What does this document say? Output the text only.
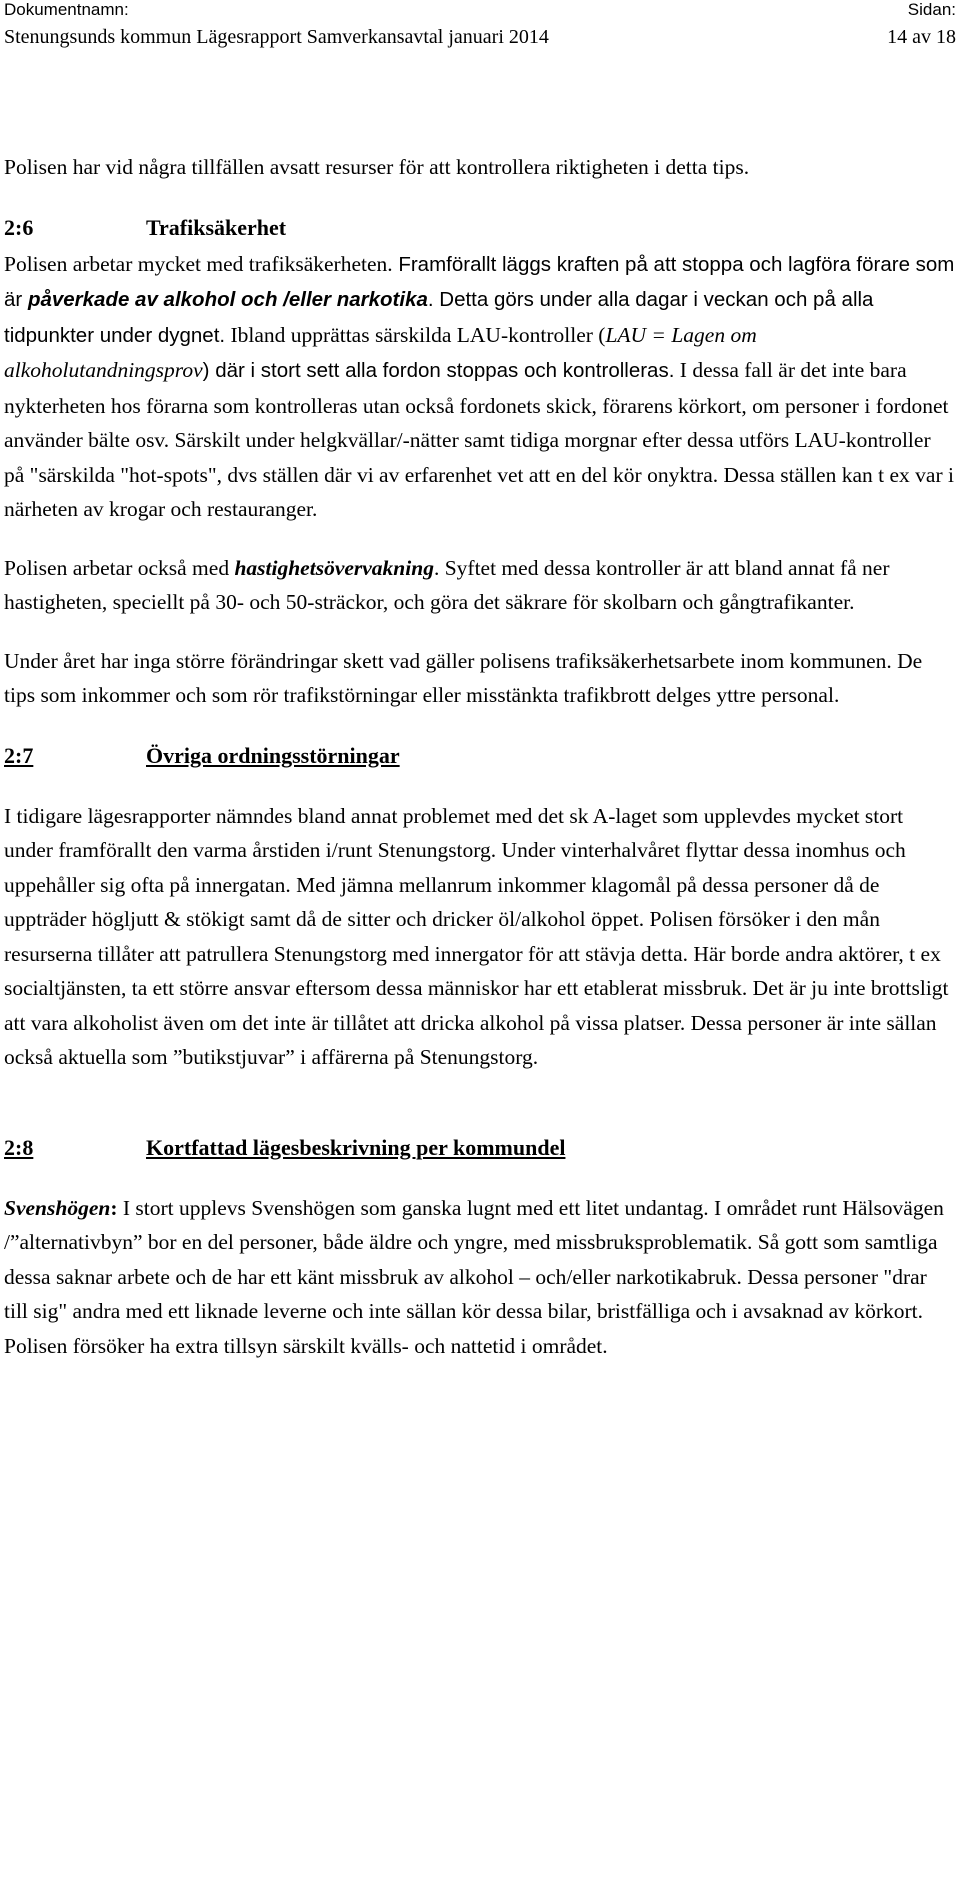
Dokumentnamn:	Sidan:
Stenungsunds kommun Lägesrapport Samverkansavtal januari 2014	14 av 18

Polisen har vid några tillfällen avsatt resurser för att kontrollera riktigheten i detta tips.

2:6	Trafiksäkerhet

Polisen arbetar mycket med trafiksäkerheten. Framförallt läggs kraften på att stoppa och lagföra förare som är påverkade av alkohol och /eller narkotika. Detta görs under alla dagar i veckan och på alla tidpunkter under dygnet. Ibland upprättas särskilda LAU-kontroller (LAU = Lagen om alkoholutandningsprov) där i stort sett alla fordon stoppas och kontrolleras. I dessa fall är det inte bara nykterheten hos förarna som kontrolleras utan också fordonets skick, förarens körkort, om personer i fordonet använder bälte osv. Särskilt under helgkvällar/-nätter samt tidiga morgnar efter dessa utförs LAU-kontroller på "särskilda "hot-spots", dvs ställen där vi av erfarenhet vet att en del kör onyktra. Dessa ställen kan t ex var i närheten av krogar och restauranger.

Polisen arbetar också med hastighetsövervakning. Syftet med dessa kontroller är att bland annat få ner hastigheten, speciellt på 30- och 50-sträckor, och göra det säkrare för skolbarn och gångtrafikanter.

Under året har inga större förändringar skett vad gäller polisens trafiksäkerhetsarbete inom kommunen. De tips som inkommer och som rör trafikstörningar eller misstänkta trafikbrott delges yttre personal.

2:7	Övriga ordningsstörningar

I tidigare lägesrapporter nämndes bland annat problemet med det sk A-laget som upplevdes mycket stort under framförallt den varma årstiden i/runt Stenungstorg. Under vinterhalvåret flyttar dessa inomhus och uppehåller sig ofta på innergatan. Med jämna mellanrum inkommer klagomål på dessa personer då de uppträder högljutt & stökigt samt då de sitter och dricker öl/alkohol öppet. Polisen försöker i den mån resurserna tillåter att patrullera Stenungstorg med innergator för att stävja detta. Här borde andra aktörer, t ex socialtjänsten, ta ett större ansvar eftersom dessa människor har ett etablerat missbruk. Det är ju inte brottsligt att vara alkoholist även om det inte är tillåtet att dricka alkohol på vissa platser. Dessa personer är inte sällan också aktuella som ”butikstjuvar” i affärerna på Stenungstorg.

2:8	Kortfattad lägesbeskrivning per kommundel

Svenshögen: I stort upplevs Svenshögen som ganska lugnt med ett litet undantag. I området runt Hälsovägen /”alternativbyn” bor en del personer, både äldre och yngre, med missbruksproblematik. Så gott som samtliga dessa saknar arbete och de har ett känt missbruk av alkohol – och/eller narkotikabruk. Dessa personer "drar till sig" andra med ett liknade leverne och inte sällan kör dessa bilar, bristfälliga och i avsaknad av körkort. Polisen försöker ha extra tillsyn särskilt kvälls- och nattetid i området.
